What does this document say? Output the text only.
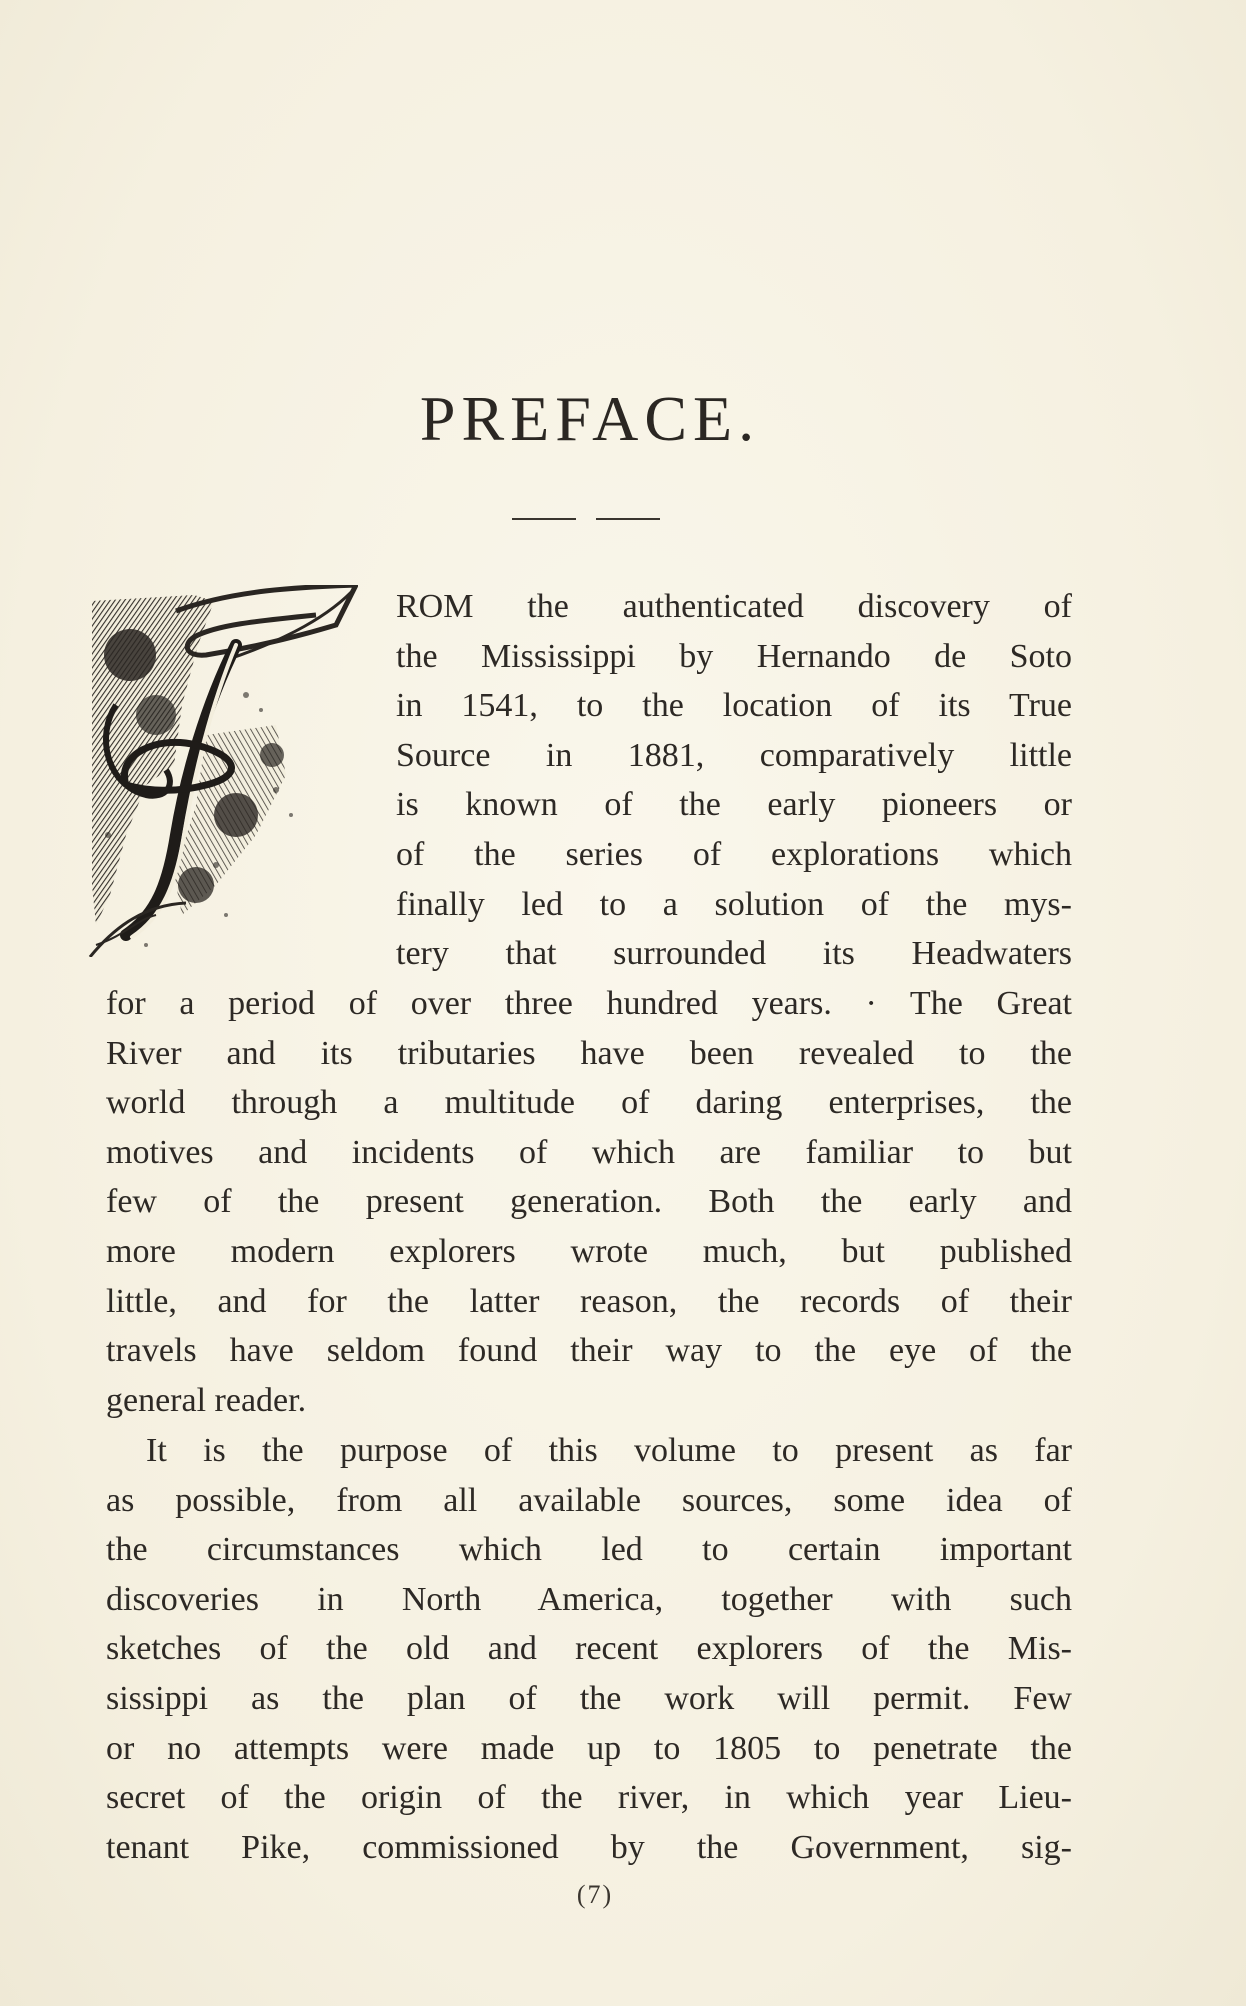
PREFACE.
ROM the authenticated discovery of
the Mississippi by Hernando de Soto
in 1541, to the location of its True
Source in 1881, comparatively little
is known of the early pioneers or
of the series of explorations which
finally led to a solution of the mys-
tery that surrounded its Headwaters
for a period of over three hundred years. · The Great
River and its tributaries have been revealed to the
world through a multitude of daring enterprises, the
motives and incidents of which are familiar to but
few of the present generation. Both the early and
more modern explorers wrote much, but published
little, and for the latter reason, the records of their
travels have seldom found their way to the eye of the
general reader.
It is the purpose of this volume to present as far
as possible, from all available sources, some idea of
the circumstances which led to certain important
discoveries in North America, together with such
sketches of the old and recent explorers of the Mis-
sissippi as the plan of the work will permit. Few
or no attempts were made up to 1805 to penetrate the
secret of the origin of the river, in which year Lieu-
tenant Pike, commissioned by the Government, sig-
(7)
